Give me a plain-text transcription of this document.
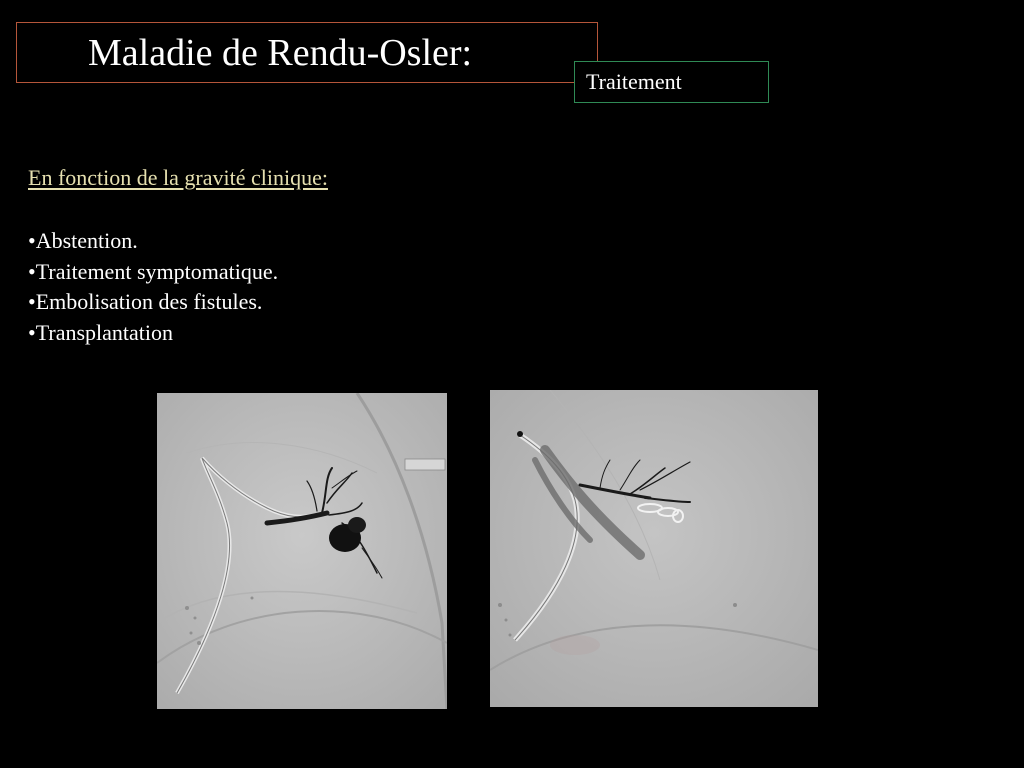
Maladie de Rendu-Osler:
Traitement
En fonction de la gravité clinique:
•Abstention.
•Traitement symptomatique.
•Embolisation des fistules.
•Transplantation
